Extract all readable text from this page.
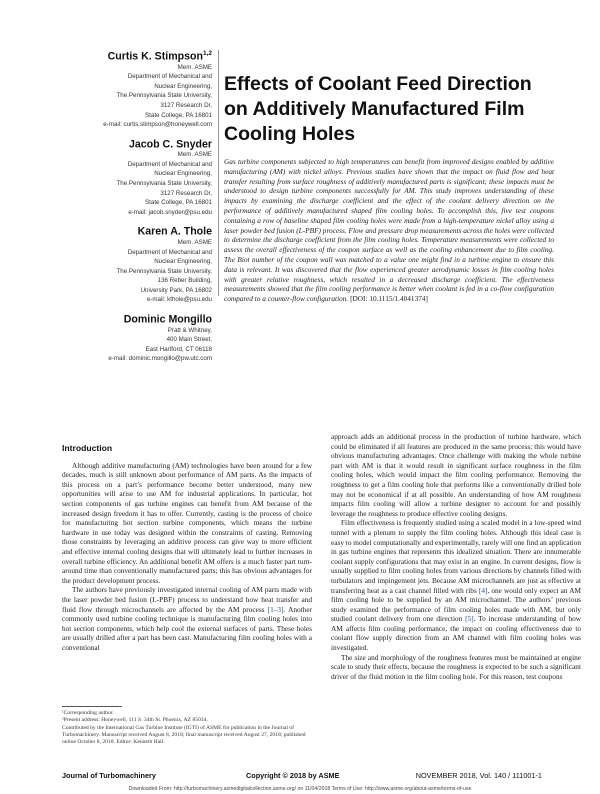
Curtis K. Stimpson$^{1,2}$
Mem. ASME
Department of Mechanical and
Nuclear Engineering,
The Pennsylvania State University,
3127 Research Dr,
State College, PA 16801
e-mail: curtis.stimpson@honeywell.com
Jacob C. Snyder
Mem. ASME
Department of Mechanical and
Nuclear Engineering,
The Pennsylvania State University,
3127 Research Dr,
State College, PA 16801
e-mail: jacob.snyder@psu.edu
Karen A. Thole
Mem. ASME
Department of Mechanical and
Nuclear Engineering,
The Pennsylvania State University,
136 Reber Building,
University Park, PA 16802
e-mail: kthole@psu.edu
Dominic Mongillo
Pratt & Whitney,
400 Main Street,
East Hartford, CT 06118
e-mail: dominic.mongillo@pw.utc.com
Effects of Coolant Feed Direction on Additively Manufactured Film Cooling Holes
Gas turbine components subjected to high temperatures can benefit from improved designs enabled by additive manufacturing (AM) with nickel alloys. Previous studies have shown that the impact on fluid flow and heat transfer resulting from surface roughness of additively manufactured parts is significant; these impacts must be understood to design turbine components successfully for AM. This study improves understanding of these impacts by examining the discharge coefficient and the effect of the coolant delivery direction on the performance of additively manufactured shaped film cooling holes. To accomplish this, five test coupons containing a row of baseline shaped film cooling holes were made from a high-temperature nickel alloy using a laser powder bed fusion (L-PBF) process. Flow and pressure drop measurements across the holes were collected to determine the discharge coefficient from the film cooling holes. Temperature measurements were collected to assess the overall effectiveness of the coupon surface as well as the cooling enhancement due to film cooling. The Biot number of the coupon wall was matched to a value one might find in a turbine engine to ensure this data is relevant. It was discovered that the flow experienced greater aerodynamic losses in film cooling holes with greater relative roughness, which resulted in a decreased discharge coefficient. The effectiveness measurements showed that the film cooling performance is better when coolant is fed in a co-flow configuration compared to a counter-flow configuration. [DOI: 10.1115/1.4041374]
Introduction

Although additive manufacturing (AM) technologies have been around for a few decades, much is still unknown about performance of AM parts. As the impacts of this process on a part’s performance become better understood, many new opportunities will arise to use AM for industrial applications. In particular, hot section components of gas turbine engines can benefit from AM because of the increased design freedom it has to offer. Currently, casting is the process of choice for manufacturing hot section turbine components, which means the turbine hardware in use today was designed within the constraints of casting. Removing those constraints by leveraging an additive process can give way to more efficient and effective internal cooling designs that will ultimately lead to further increases in overall turbine efficiency. An additional benefit AM offers is a much faster part turn-around time than conventionally manufactured parts; this has obvious advantages for the product development process.

The authors have previously investigated internal cooling of AM parts made with the laser powder bed fusion (L-PBF) process to understand how heat transfer and fluid flow through microchannels are affected by the AM process [1–3]. Another commonly used turbine cooling technique is manufacturing film cooling holes into hot section components, which help cool the external surfaces of parts. These holes are usually drilled after a part has been cast. Manufacturing film cooling holes with a conventional

approach adds an additional process in the production of turbine hardware, which could be eliminated if all features are produced in the same process; this would have obvious manufacturing advantages. Once challenge with making the whole turbine part with AM is that it would result in significant surface roughness in the film cooling holes, which would impact the film cooling performance. Removing the roughness to get a film cooling hole that performs like a conventionally drilled hole may not be economical if at all possible. An understanding of how AM roughness impacts film cooling will allow a turbine designer to account for and possibly leverage the roughness to produce effective cooling designs.

Film effectiveness is frequently studied using a scaled model in a low-speed wind tunnel with a plenum to supply the film cooling holes. Although this ideal case is easy to model computationally and experimentally, rarely will one find an application in gas turbine engines that represents this idealized situation. There are innumerable coolant supply configurations that may exist in an engine. In current designs, flow is usually supplied to film cooling holes from various directions by channels filled with turbulators and impingement jets. Because AM microchannels are just as effective at transferring heat as a cast channel filled with ribs [4], one would only expect an AM film cooling hole to be supplied by an AM microchannel. The authors’ previous study examined the performance of film cooling holes made with AM, but only studied coolant delivery from one direction [5]. To increase understanding of how AM affects film cooling performance, the impact on cooling effectiveness due to coolant flow supply direction from an AM channel with film cooling holes was investigated.

The size and morphology of the roughness features must be maintained at engine scale to study their effects, because the roughness is expected to be such a significant driver of the fluid motion in the film cooling hole. For this reason, test coupons

¹Corresponding author.

²Present address: Honeywell, 111 S. 34th St. Phoenix, AZ 85034.

Contributed by the International Gas Turbine Institute (IGTI) of ASME for publication in the Journal of Turbomachinery. Manuscript received August 8, 2018; final manuscript received August 27, 2018; published online October 8, 2018. Editor: Kenneth Hall.

Journal of Turbomachinery	Copyright © 2018 by ASME	NOVEMBER 2018, Vol. 140 / 111001-1
Downloaded From: http://turbomachinery.asmedigitalcollection.asme.org/ on 11/04/2018 Terms of Use: http://www.asme.org/about-asme/terms-of-use
